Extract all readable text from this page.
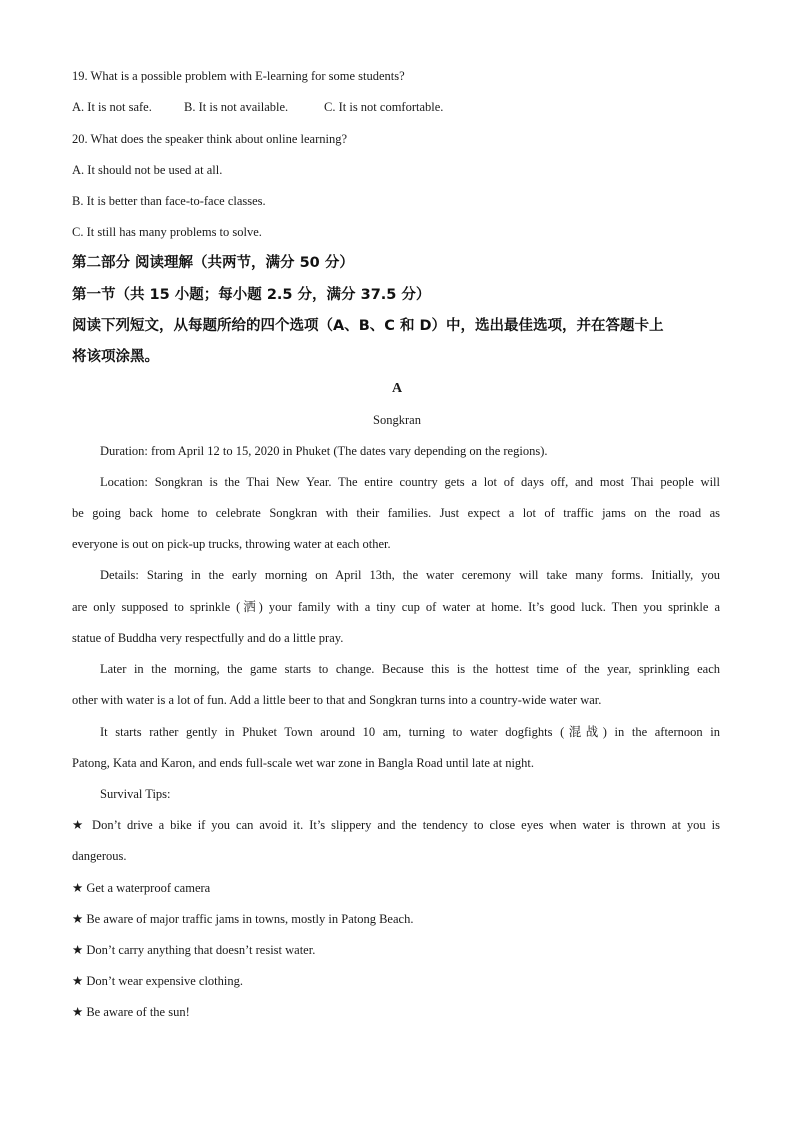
19. What is a possible problem with E-learning for some students?
A. It is not safe.	B. It is not available.	C. It is not comfortable.
20. What does the speaker think about online learning?
A. It should not be used at all.
B. It is better than face-to-face classes.
C. It still has many problems to solve.
第二部分 阅读理解（共两节，满分 50 分）
第一节（共 15 小题；每小题 2.5 分，满分 37.5 分）
阅读下列短文，从每题所给的四个选项（A、B、C 和 D）中，选出最佳选项，并在答题卡上
将该项涂黑。
A
Songkran
Duration: from April 12 to 15, 2020 in Phuket (The dates vary depending on the regions).
Location: Songkran is the Thai New Year. The entire country gets a lot of days off, and most Thai people will
be going back home to celebrate Songkran with their families. Just expect a lot of traffic jams on the road as
everyone is out on pick-up trucks, throwing water at each other.
Details: Staring in the early morning on April 13th, the water ceremony will take many forms. Initially, you
are only supposed to sprinkle (洒) your family with a tiny cup of water at home. It’s good luck. Then you sprinkle a
statue of Buddha very respectfully and do a little pray.
Later in the morning, the game starts to change. Because this is the hottest time of the year, sprinkling each
other with water is a lot of fun. Add a little beer to that and Songkran turns into a country-wide water war.
It starts rather gently in Phuket Town around 10 am, turning to water dogfights (混战) in the afternoon in
Patong, Kata and Karon, and ends full-scale wet war zone in Bangla Road until late at night.
Survival Tips:
★ Don’t drive a bike if you can avoid it. It’s slippery and the tendency to close eyes when water is thrown at you is
dangerous.
★ Get a waterproof camera
★ Be aware of major traffic jams in towns, mostly in Patong Beach.
★ Don’t carry anything that doesn’t resist water.
★ Don’t wear expensive clothing.
★ Be aware of the sun!
